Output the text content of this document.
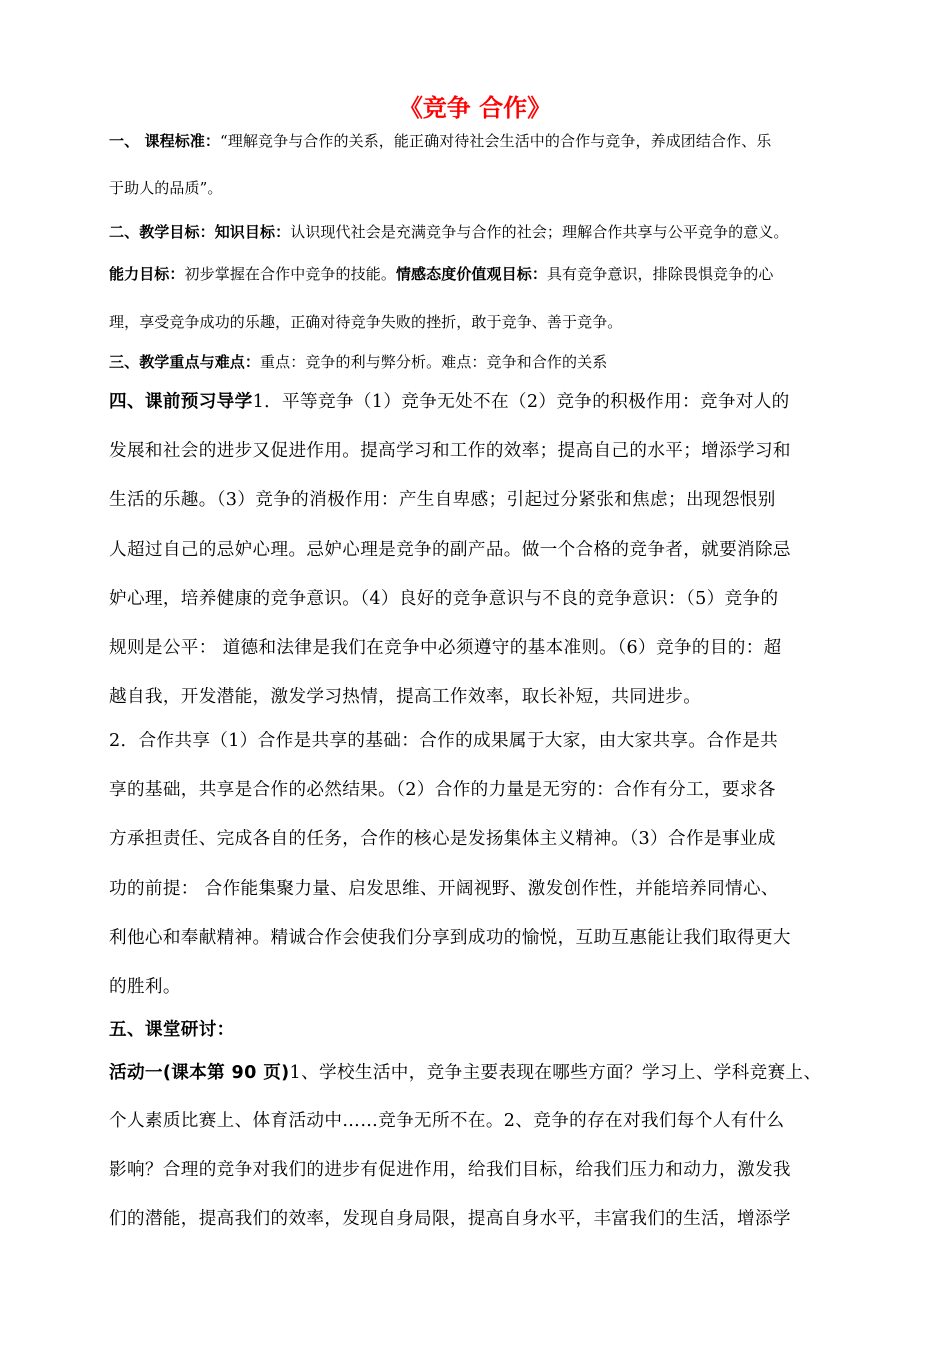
《竞争 合作》
一、 课程标准：“理解竞争与合作的关系，能正确对待社会生活中的合作与竞争，养成团结合作、乐
于助人的品质”。
二、教学目标：知识目标：认识现代社会是充满竞争与合作的社会；理解合作共享与公平竞争的意义。
能力目标：初步掌握在合作中竞争的技能。情感态度价值观目标：具有竞争意识，排除畏惧竞争的心
理，享受竞争成功的乐趣，正确对待竞争失败的挫折，敢于竞争、善于竞争。
三、教学重点与难点：重点：竞争的利与弊分析。难点：竞争和合作的关系
四、课前预习导学1．平等竞争（1）竞争无处不在（2）竞争的积极作用：竞争对人的
发展和社会的进步又促进作用。提高学习和工作的效率；提高自己的水平；增添学习和
生活的乐趣。（3）竞争的消极作用：产生自卑感；引起过分紧张和焦虑；出现怨恨别
人超过自己的忌妒心理。忌妒心理是竞争的副产品。做一个合格的竞争者，就要消除忌
妒心理，培养健康的竞争意识。（4）良好的竞争意识与不良的竞争意识：（5）竞争的
规则是公平： 道德和法律是我们在竞争中必须遵守的基本准则。（6）竞争的目的：超
越自我，开发潜能，激发学习热情，提高工作效率，取长补短，共同进步。
2．合作共享（1）合作是共享的基础：合作的成果属于大家，由大家共享。合作是共
享的基础，共享是合作的必然结果。（2）合作的力量是无穷的：合作有分工，要求各
方承担责任、完成各自的任务，合作的核心是发扬集体主义精神。（3）合作是事业成
功的前提： 合作能集聚力量、启发思维、开阔视野、激发创作性，并能培养同情心、
利他心和奉献精神。精诚合作会使我们分享到成功的愉悦，互助互惠能让我们取得更大
的胜利。
五、课堂研讨：
活动一(课本第 90 页)1、学校生活中，竞争主要表现在哪些方面？学习上、学科竞赛上、
个人素质比赛上、体育活动中……竞争无所不在。2、竞争的存在对我们每个人有什么
影响？合理的竞争对我们的进步有促进作用，给我们目标，给我们压力和动力，激发我
们的潜能，提高我们的效率，发现自身局限，提高自身水平，丰富我们的生活，增添学
